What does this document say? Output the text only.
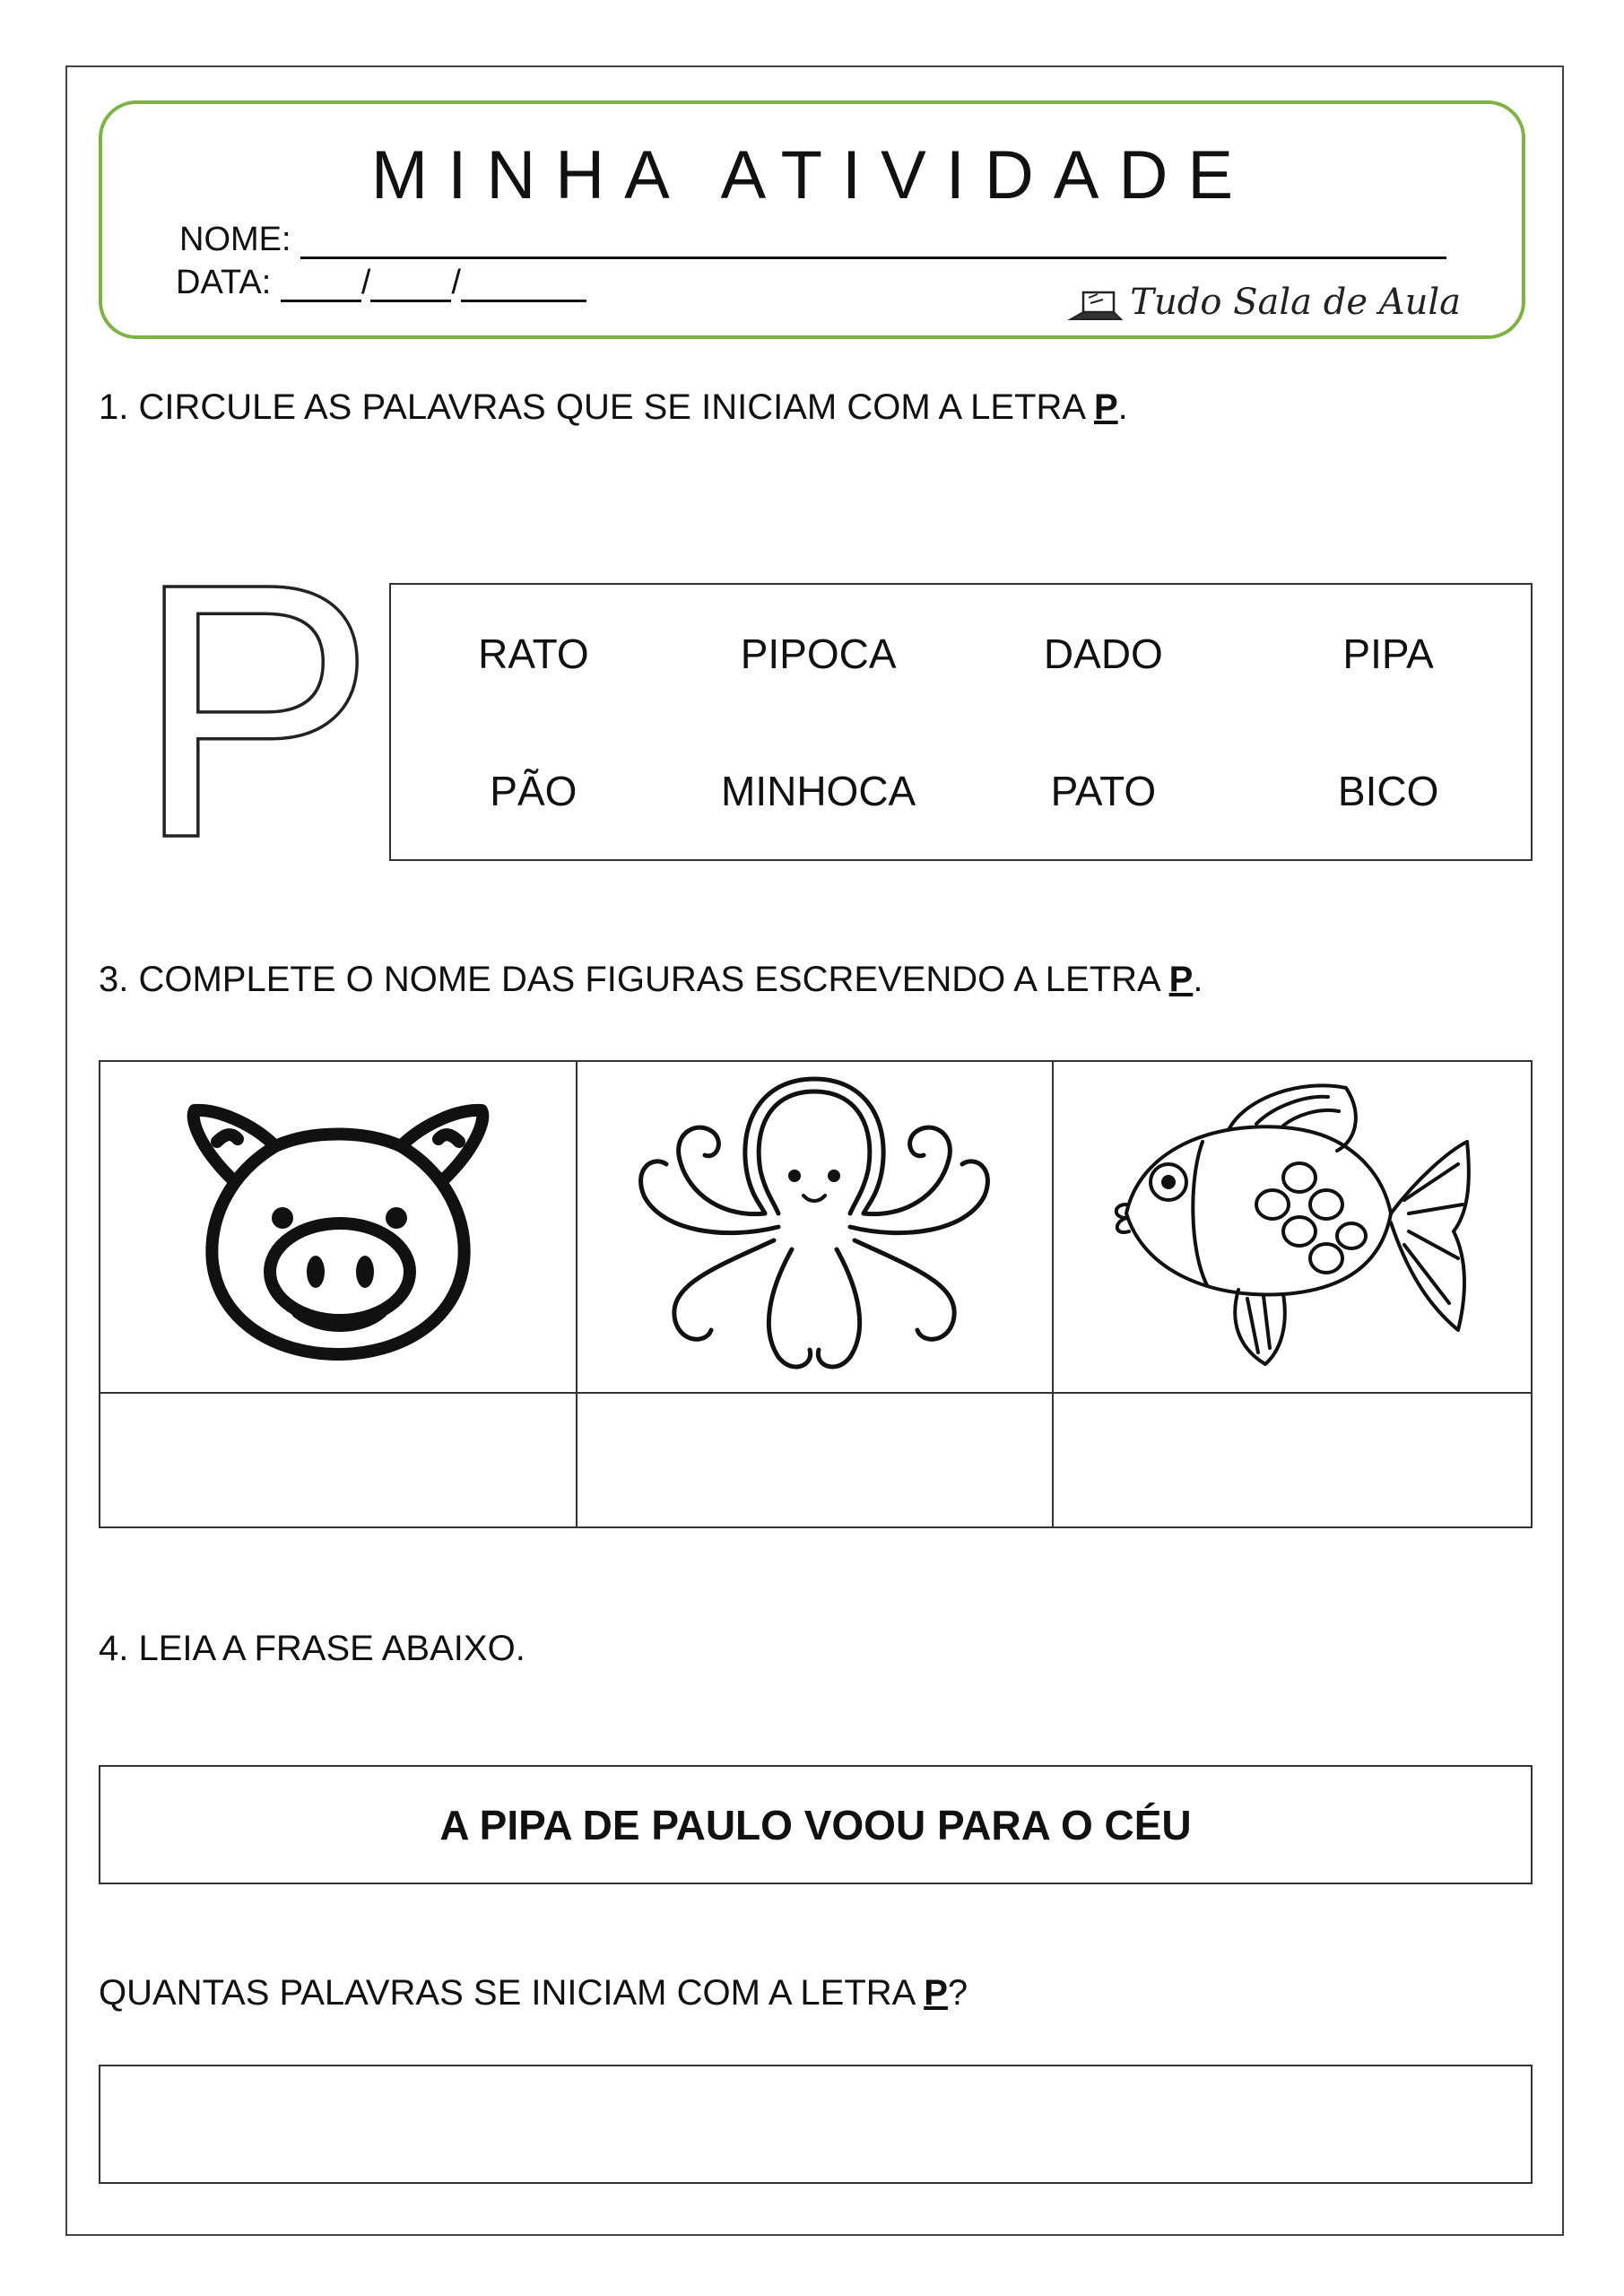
MINHA ATIVIDADE
NOME:
DATA:	/ /	Tudo Sala de Aula
1. CIRCULE AS PALAVRAS QUE SE INICIAM COM A LETRA P.
P	RATO	PIPOCA	DADO	PIPA
PÃO	MINHOCA	PATO	BICO
3. COMPLETE O NOME DAS FIGURAS ESCREVENDO A LETRA P.
4. LEIA A FRASE ABAIXO.
A PIPA DE PAULO VOOU PARA O CÉU
QUANTAS PALAVRAS SE INICIAM COM A LETRA P?
